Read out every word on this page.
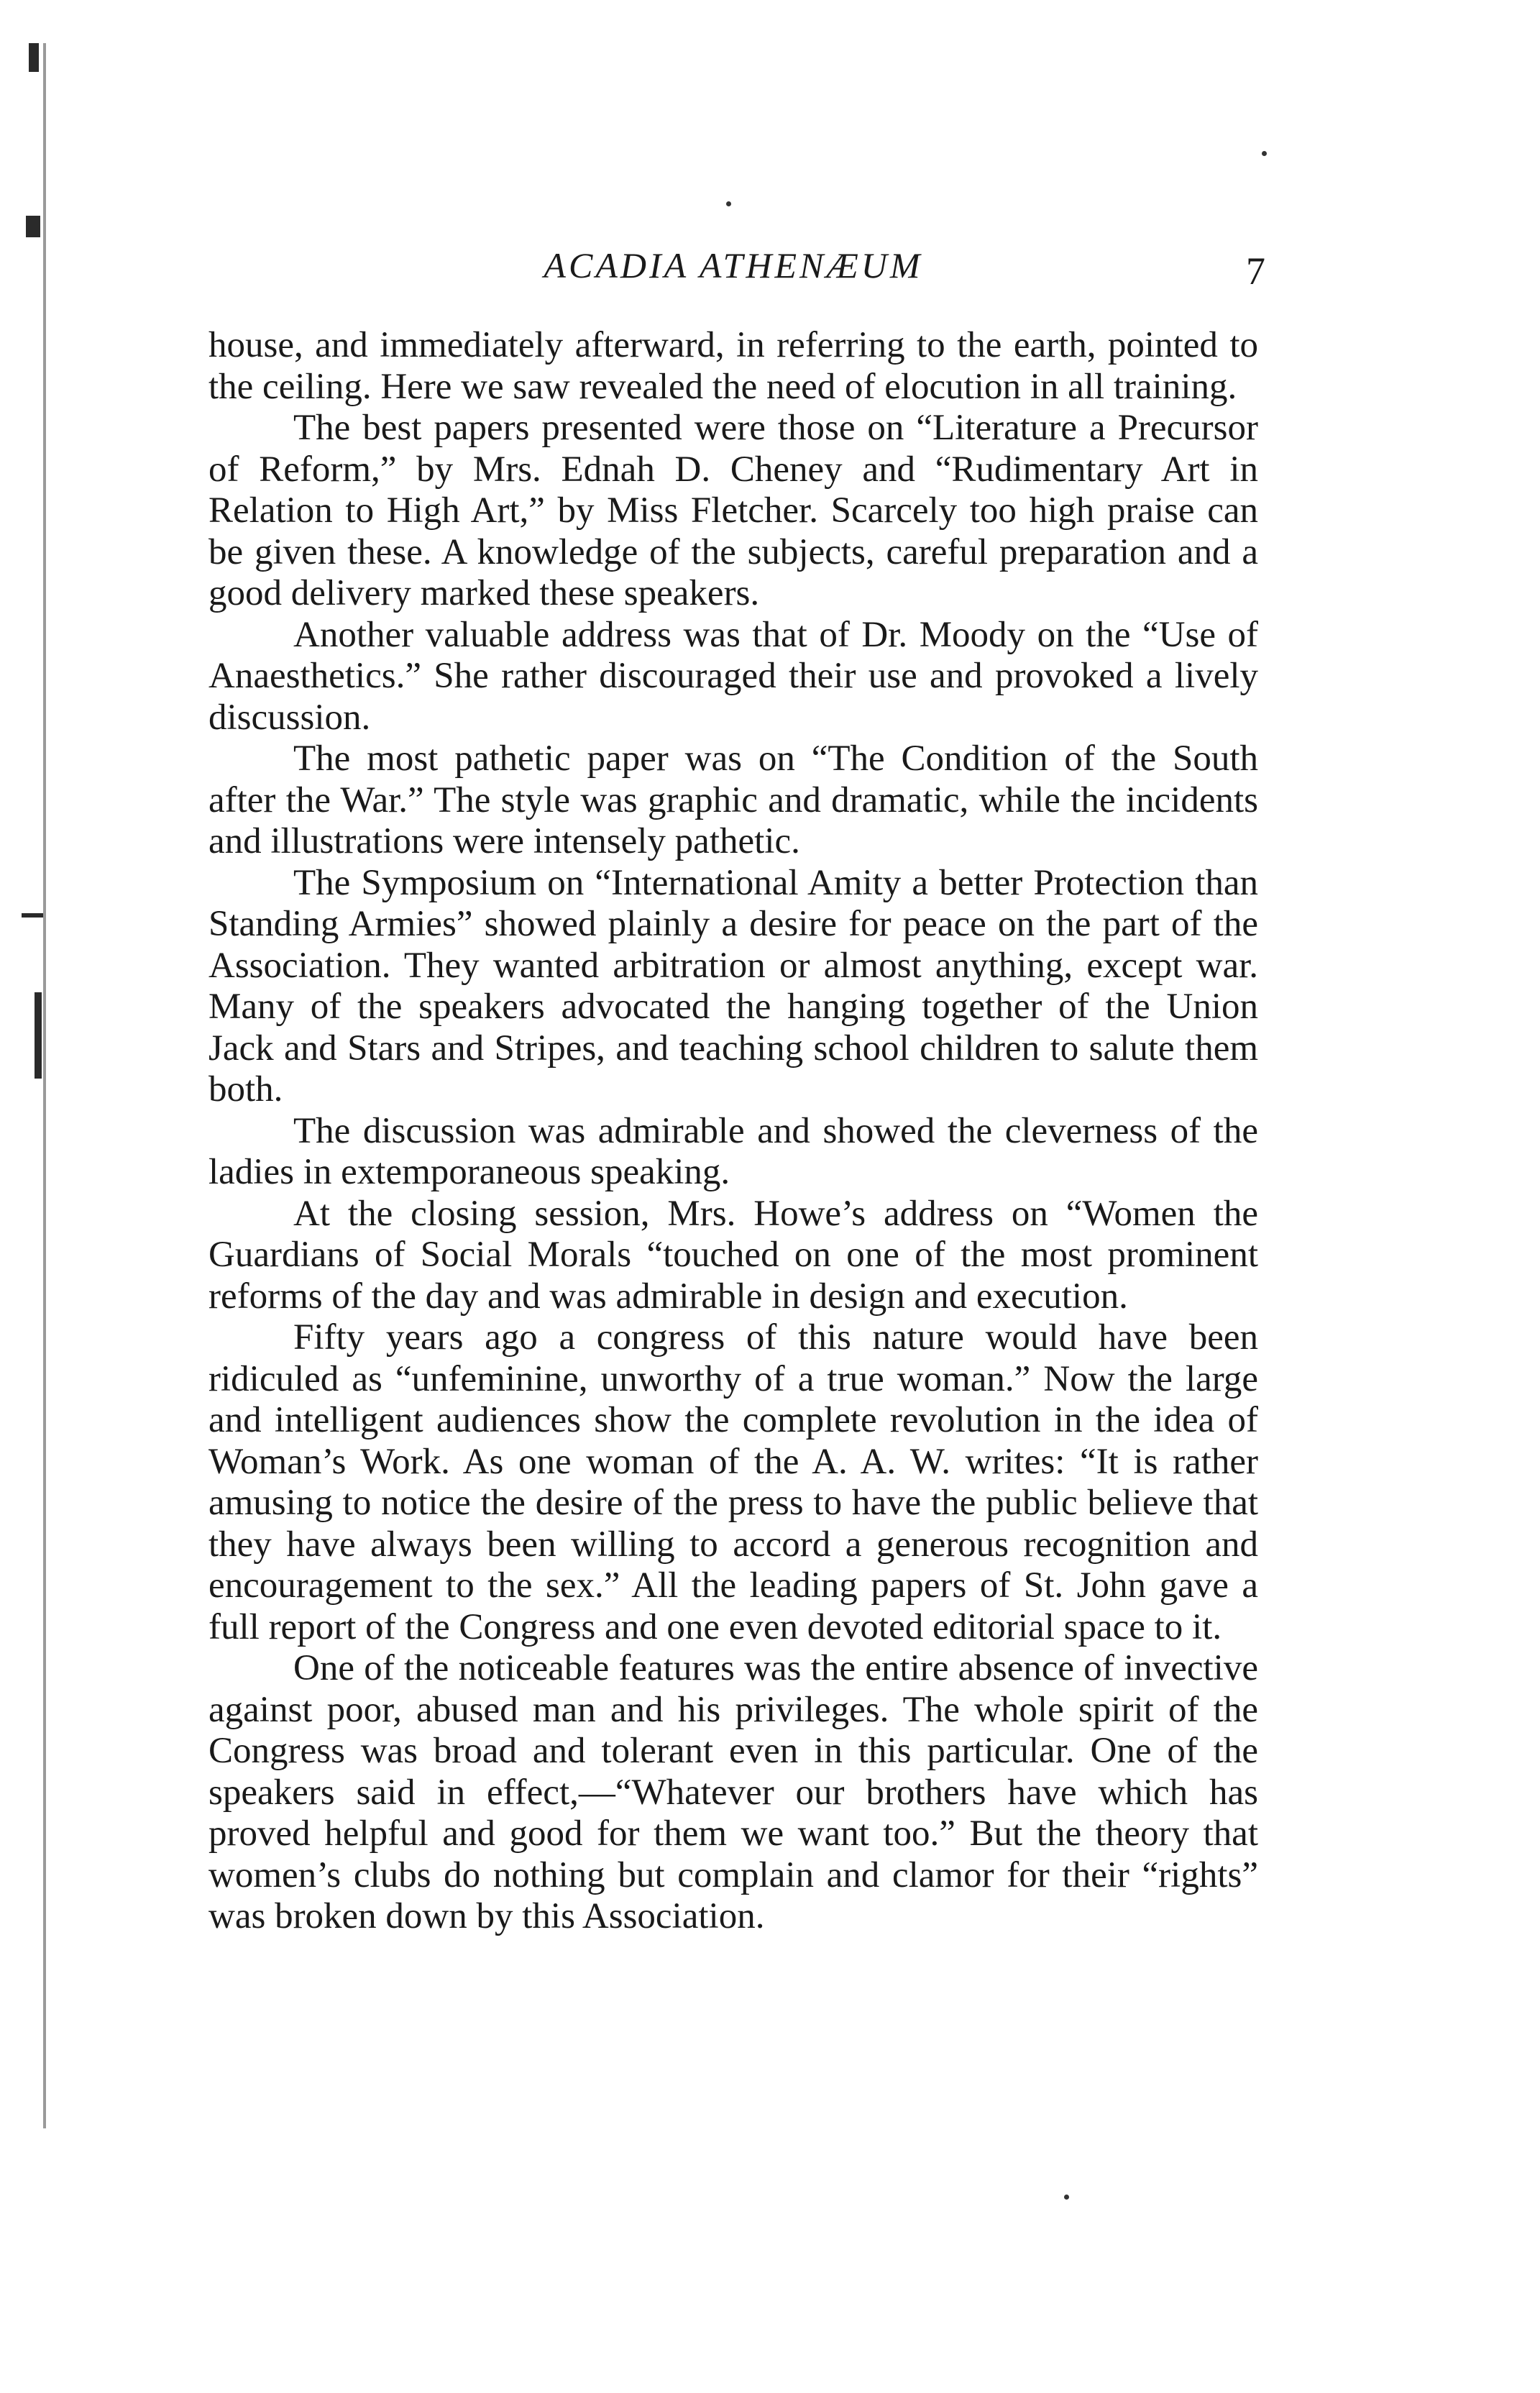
ACADIA ATHENÆUM	7

house, and immediately afterward, in referring to the earth, pointed to the ceiling. Here we saw revealed the need of elocution in all training.

The best papers presented were those on “Literature a Precursor of Reform,” by Mrs. Ednah D. Cheney and “Rudimentary Art in Relation to High Art,” by Miss Fletcher. Scarcely too high praise can be given these. A knowledge of the subjects, careful preparation and a good delivery marked these speakers.

Another valuable address was that of Dr. Moody on the “Use of Anaesthetics.” She rather discouraged their use and provoked a lively discussion.

The most pathetic paper was on “The Condition of the South after the War.” The style was graphic and dramatic, while the incidents and illustrations were intensely pathetic.

The Symposium on “International Amity a better Protection than Standing Armies” showed plainly a desire for peace on the part of the Association. They wanted arbitration or almost anything, except war. Many of the speakers advocated the hanging together of the Union Jack and Stars and Stripes, and teaching school children to salute them both.

The discussion was admirable and showed the cleverness of the ladies in extemporaneous speaking.

At the closing session, Mrs. Howe’s address on “Women the Guardians of Social Morals “touched on one of the most prominent reforms of the day and was admirable in design and execution.

Fifty years ago a congress of this nature would have been ridiculed as “unfeminine, unworthy of a true woman.” Now the large and intelligent audiences show the complete revolution in the idea of Woman’s Work. As one woman of the A. A. W. writes: “It is rather amusing to notice the desire of the press to have the public believe that they have always been willing to accord a generous recognition and encouragement to the sex.” All the leading papers of St. John gave a full report of the Congress and one even devoted editorial space to it.

One of the noticeable features was the entire absence of invective against poor, abused man and his privileges. The whole spirit of the Congress was broad and tolerant even in this particular. One of the speakers said in effect,—“Whatever our brothers have which has proved helpful and good for them we want too.” But the theory that women’s clubs do nothing but complain and clamor for their “rights” was broken down by this Association.
